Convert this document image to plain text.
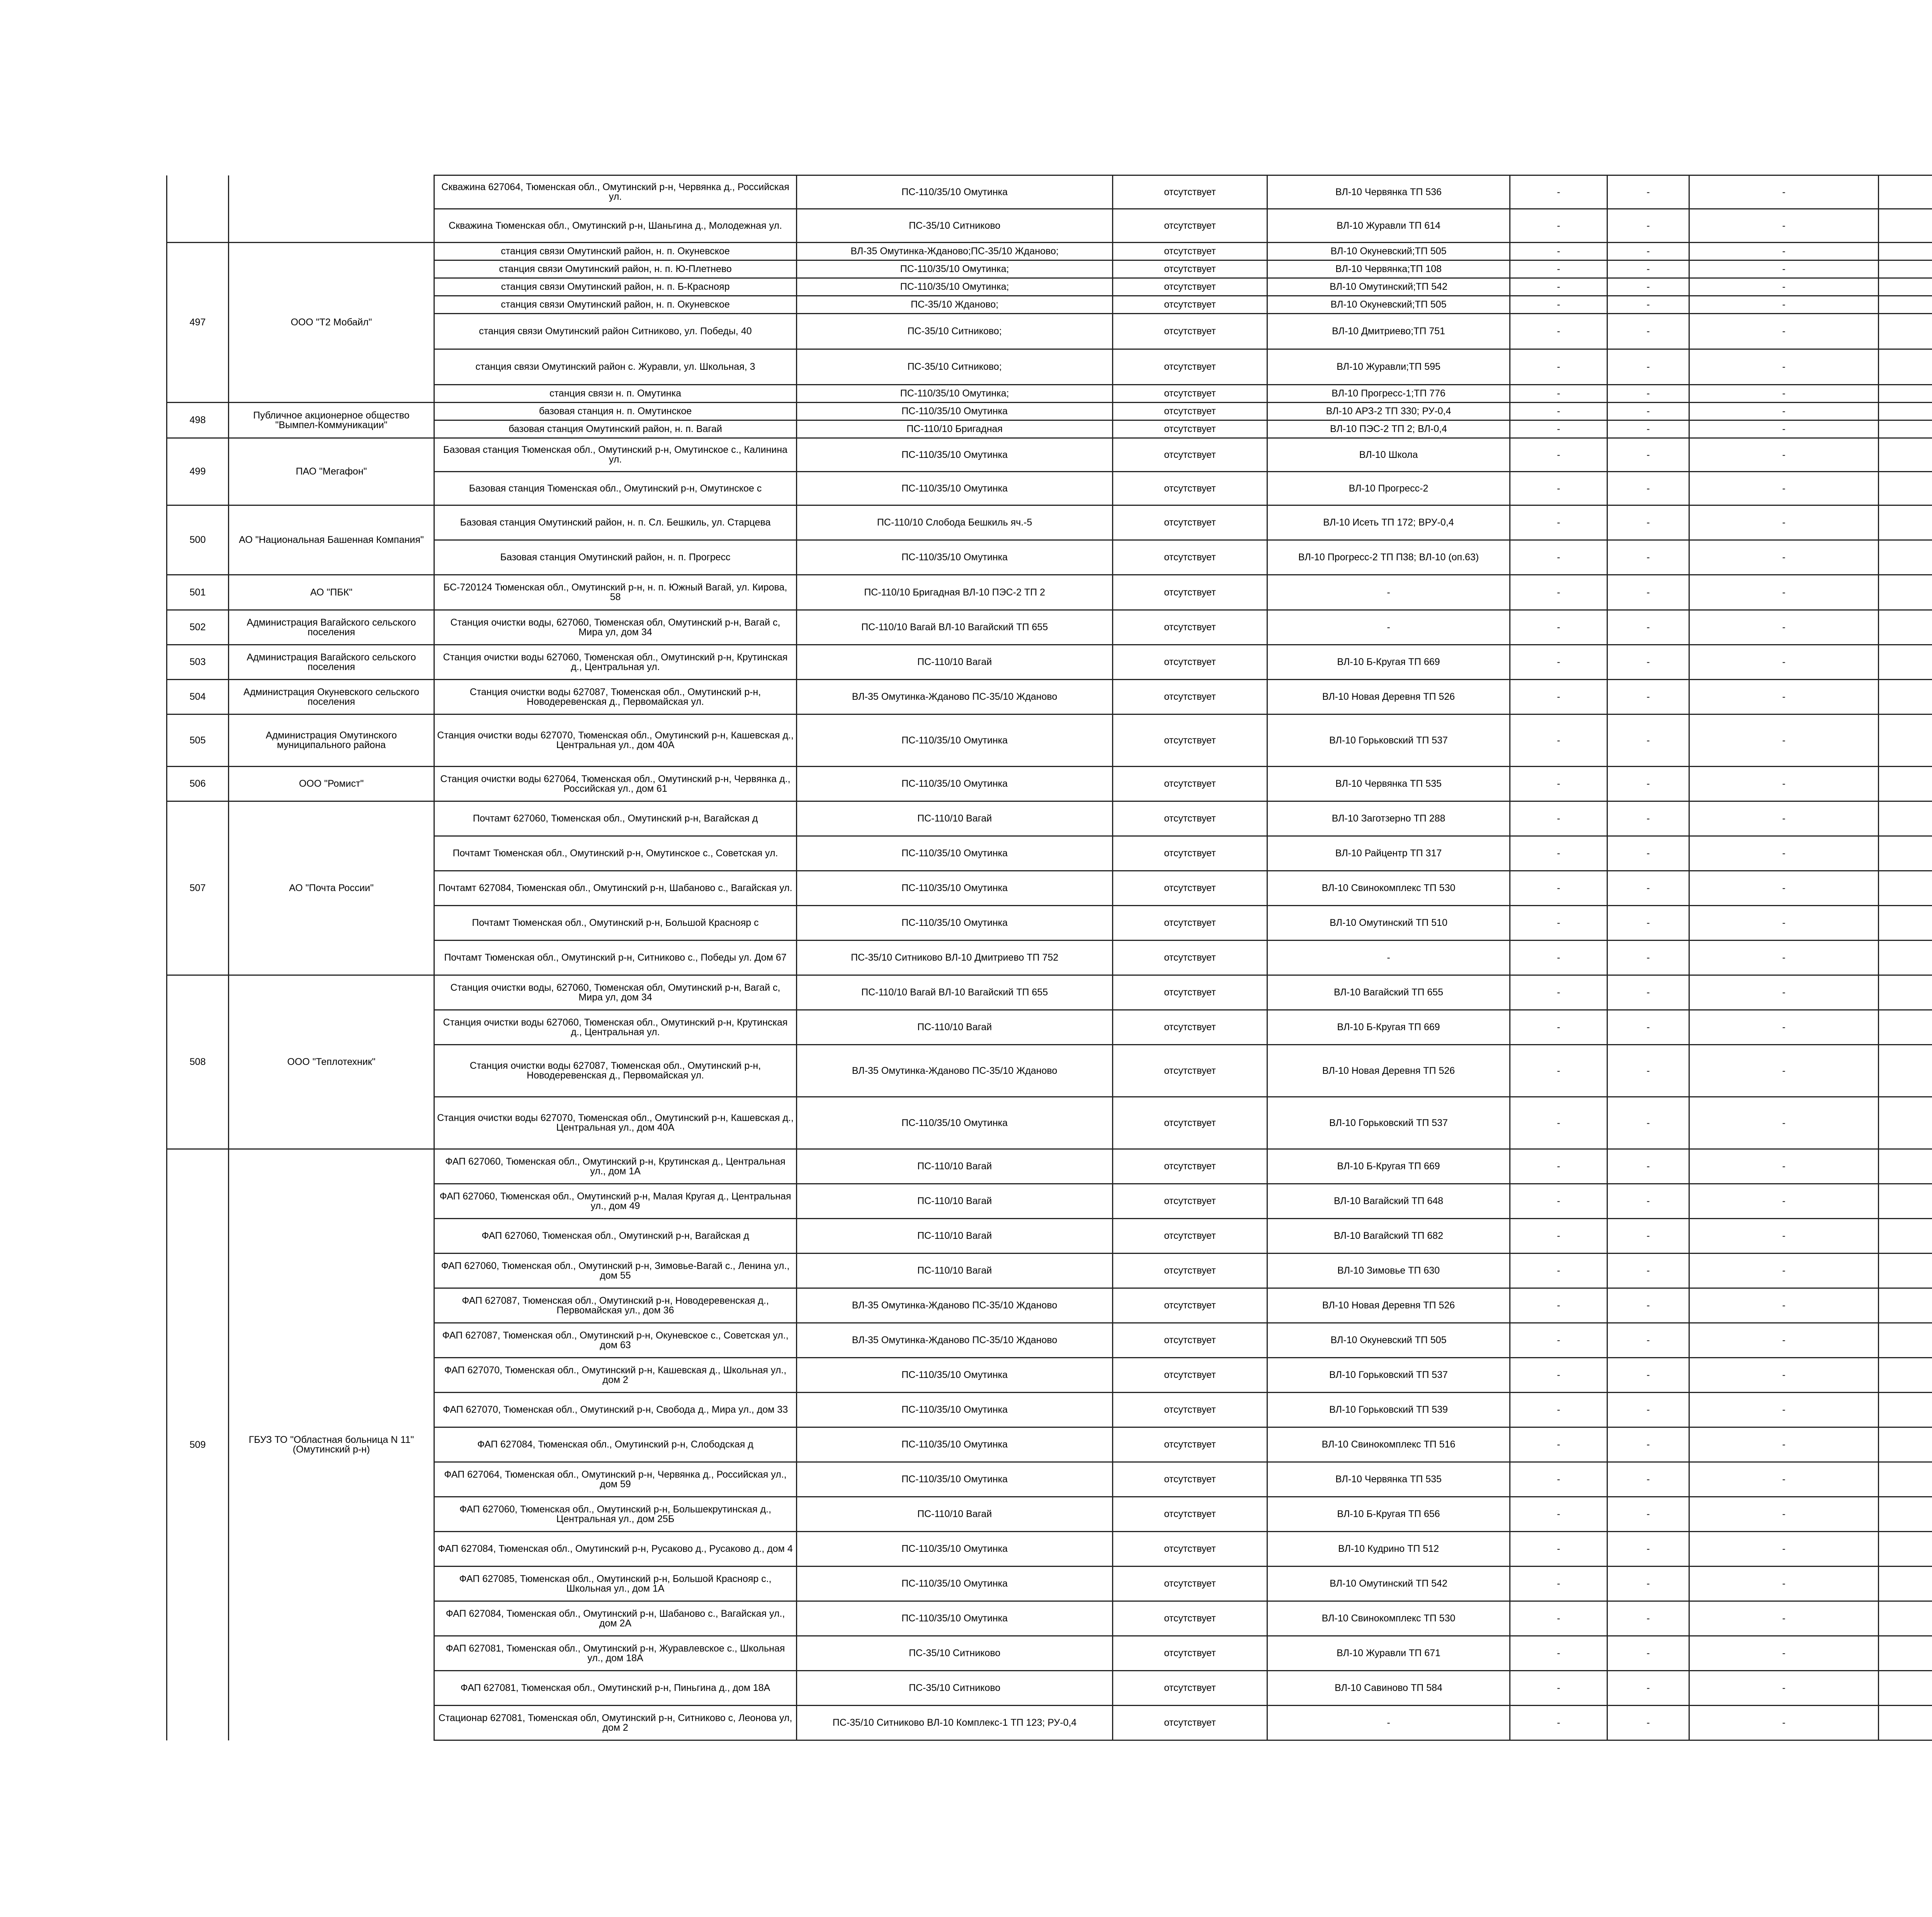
		Скважина 627064, Тюменская обл., Омутинский р-н, Червянка д., Российская ул.	ПС-110/35/10 Омутинка	отсутствует	ВЛ-10 Червянка ТП 536	-	-	-		
		Скважина Тюменская обл., Омутинский р-н, Шаньгина д., Молодежная ул.	ПС-35/10 Ситниково	отсутствует	ВЛ-10 Журавли ТП 614	-	-	-		
497	ООО "Т2 Мобайл"	станция связи Омутинский район, н. п. Окуневское	ВЛ-35 Омутинка-Жданово;ПС-35/10 Жданово;	отсутствует	ВЛ-10 Окуневский;ТП 505	-	-	-		
		станция связи Омутинский район, н. п. Ю-Плетнево	ПС-110/35/10 Омутинка;	отсутствует	ВЛ-10 Червянка;ТП 108	-	-	-		
		станция связи Омутинский район, н. п. Б-Краснояр	ПС-110/35/10 Омутинка;	отсутствует	ВЛ-10 Омутинский;ТП 542	-	-	-		
		станция связи Омутинский район, н. п. Окуневское	ПС-35/10 Жданово;	отсутствует	ВЛ-10 Окуневский;ТП 505	-	-	-		
		станция связи Омутинский район Ситниково, ул. Победы, 40	ПС-35/10 Ситниково;	отсутствует	ВЛ-10 Дмитриево;ТП 751	-	-	-		
		станция связи Омутинский район с. Журавли, ул. Школьная, 3	ПС-35/10 Ситниково;	отсутствует	ВЛ-10 Журавли;ТП 595	-	-	-		
		станция связи н. п. Омутинка	ПС-110/35/10 Омутинка;	отсутствует	ВЛ-10 Прогресс-1;ТП 776	-	-	-		
498	Публичное акционерное общество "Вымпел-Коммуникации"	базовая станция н. п. Омутинское	ПС-110/35/10 Омутинка	отсутствует	ВЛ-10 АРЗ-2 ТП 330; РУ-0,4	-	-	-		
		базовая станция Омутинский район, н. п. Вагай	ПС-110/10 Бригадная	отсутствует	ВЛ-10 ПЭС-2 ТП 2; ВЛ-0,4	-	-	-		
499	ПАО "Мегафон"	Базовая станция Тюменская обл., Омутинский р-н, Омутинское с., Калинина ул.	ПС-110/35/10 Омутинка	отсутствует	ВЛ-10 Школа	-	-	-		
		Базовая станция Тюменская обл., Омутинский р-н, Омутинское с	ПС-110/35/10 Омутинка	отсутствует	ВЛ-10 Прогресс-2	-	-	-		
500	АО "Национальная Башенная Компания"	Базовая станция Омутинский район, н. п. Сл. Бешкиль, ул. Старцева	ПС-110/10 Слобода Бешкиль яч.-5	отсутствует	ВЛ-10 Исеть ТП 172; ВРУ-0,4	-	-	-		
		Базовая станция Омутинский район, н. п. Прогресс	ПС-110/35/10 Омутинка	отсутствует	ВЛ-10 Прогресс-2 ТП П38; ВЛ-10 (оп.63)	-	-	-		
501	АО "ПБК"	БС-720124 Тюменская обл., Омутинский р-н, н. п. Южный Вагай, ул. Кирова, 58	ПС-110/10 Бригадная ВЛ-10 ПЭС-2 ТП 2	отсутствует	-	-	-	-		
502	Администрация Вагайского сельского поселения	Станция очистки воды, 627060, Тюменская обл, Омутинский р-н, Вагай с, Мира ул, дом 34	ПС-110/10 Вагай ВЛ-10 Вагайский ТП 655	отсутствует	-	-	-	-		
503	Администрация Вагайского сельского поселения	Станция очистки воды 627060, Тюменская обл., Омутинский р-н, Крутинская д., Центральная ул.	ПС-110/10 Вагай	отсутствует	ВЛ-10 Б-Кругая ТП 669	-	-	-		
504	Администрация Окуневского сельского поселения	Станция очистки воды 627087, Тюменская обл., Омутинский р-н, Новодеревенская д., Первомайская ул.	ВЛ-35 Омутинка-Жданово ПС-35/10 Жданово	отсутствует	ВЛ-10 Новая Деревня ТП 526	-	-	-		
505	Администрация Омутинского муниципального района	Станция очистки воды 627070, Тюменская обл., Омутинский р-н, Кашевская д., Центральная ул., дом 40А	ПС-110/35/10 Омутинка	отсутствует	ВЛ-10 Горьковский ТП 537	-	-	-		
506	ООО "Ромист"	Станция очистки воды 627064, Тюменская обл., Омутинский р-н, Червянка д., Российская ул., дом 61	ПС-110/35/10 Омутинка	отсутствует	ВЛ-10 Червянка ТП 535	-	-	-		
507	АО "Почта России"	Почтамт 627060, Тюменская обл., Омутинский р-н, Вагайская д	ПС-110/10 Вагай	отсутствует	ВЛ-10 Заготзерно ТП 288	-	-	-		
		Почтамт Тюменская обл., Омутинский р-н, Омутинское с., Советская ул.	ПС-110/35/10 Омутинка	отсутствует	ВЛ-10 Райцентр ТП 317	-	-	-		
		Почтамт 627084, Тюменская обл., Омутинский р-н, Шабаново с., Вагайская ул.	ПС-110/35/10 Омутинка	отсутствует	ВЛ-10 Свинокомплекс ТП 530	-	-	-		
		Почтамт Тюменская обл., Омутинский р-н, Большой Краснояр с	ПС-110/35/10 Омутинка	отсутствует	ВЛ-10 Омутинский ТП 510	-	-	-		
		Почтамт Тюменская обл., Омутинский р-н, Ситниково с., Победы ул. Дом 67	ПС-35/10 Ситниково ВЛ-10 Дмитриево ТП 752	отсутствует	-	-	-	-		
508	ООО "Теплотехник"	Станция очистки воды, 627060, Тюменская обл, Омутинский р-н, Вагай с, Мира ул, дом 34	ПС-110/10 Вагай ВЛ-10 Вагайский ТП 655	отсутствует	ВЛ-10 Вагайский ТП 655	-	-	-		
		Станция очистки воды 627060, Тюменская обл., Омутинский р-н, Крутинская д., Центральная ул.	ПС-110/10 Вагай	отсутствует	ВЛ-10 Б-Кругая ТП 669	-	-	-		
		Станция очистки воды 627087, Тюменская обл., Омутинский р-н, Новодеревенская д., Первомайская ул.	ВЛ-35 Омутинка-Жданово ПС-35/10 Жданово	отсутствует	ВЛ-10 Новая Деревня ТП 526	-	-	-		
		Станция очистки воды 627070, Тюменская обл., Омутинский р-н, Кашевская д., Центральная ул., дом 40А	ПС-110/35/10 Омутинка	отсутствует	ВЛ-10 Горьковский ТП 537	-	-	-		
509	ГБУЗ ТО "Областная больница N 11" (Омутинский р-н)	ФАП 627060, Тюменская обл., Омутинский р-н, Крутинская д., Центральная ул., дом 1А	ПС-110/10 Вагай	отсутствует	ВЛ-10 Б-Кругая ТП 669	-	-	-		
		ФАП 627060, Тюменская обл., Омутинский р-н, Малая Кругая д., Центральная ул., дом 49	ПС-110/10 Вагай	отсутствует	ВЛ-10 Вагайский ТП 648	-	-	-		
		ФАП 627060, Тюменская обл., Омутинский р-н, Вагайская д	ПС-110/10 Вагай	отсутствует	ВЛ-10 Вагайский ТП 682	-	-	-		
		ФАП 627060, Тюменская обл., Омутинский р-н, Зимовье-Вагай с., Ленина ул., дом 55	ПС-110/10 Вагай	отсутствует	ВЛ-10 Зимовье ТП 630	-	-	-		
		ФАП 627087, Тюменская обл., Омутинский р-н, Новодеревенская д., Первомайская ул., дом 36	ВЛ-35 Омутинка-Жданово ПС-35/10 Жданово	отсутствует	ВЛ-10 Новая Деревня ТП 526	-	-	-		
		ФАП 627087, Тюменская обл., Омутинский р-н, Окуневское с., Советская ул., дом 63	ВЛ-35 Омутинка-Жданово ПС-35/10 Жданово	отсутствует	ВЛ-10 Окуневский ТП 505	-	-	-		
		ФАП 627070, Тюменская обл., Омутинский р-н, Кашевская д., Школьная ул., дом 2	ПС-110/35/10 Омутинка	отсутствует	ВЛ-10 Горьковский ТП 537	-	-	-		
		ФАП 627070, Тюменская обл., Омутинский р-н, Свобода д., Мира ул., дом 33	ПС-110/35/10 Омутинка	отсутствует	ВЛ-10 Горьковский ТП 539	-	-	-		
		ФАП 627084, Тюменская обл., Омутинский р-н, Слободская д	ПС-110/35/10 Омутинка	отсутствует	ВЛ-10 Свинокомплекс ТП 516	-	-	-		
		ФАП 627064, Тюменская обл., Омутинский р-н, Червянка д., Российская ул., дом 59	ПС-110/35/10 Омутинка	отсутствует	ВЛ-10 Червянка ТП 535	-	-	-		
		ФАП 627060, Тюменская обл., Омутинский р-н, Большекрутинская д., Центральная ул., дом 25Б	ПС-110/10 Вагай	отсутствует	ВЛ-10 Б-Кругая ТП 656	-	-	-		
		ФАП 627084, Тюменская обл., Омутинский р-н, Русаково д., Русаково д., дом 4	ПС-110/35/10 Омутинка	отсутствует	ВЛ-10 Кудрино ТП 512	-	-	-		
		ФАП 627085, Тюменская обл., Омутинский р-н, Большой Краснояр с., Школьная ул., дом 1А	ПС-110/35/10 Омутинка	отсутствует	ВЛ-10 Омутинский ТП 542	-	-	-		
		ФАП 627084, Тюменская обл., Омутинский р-н, Шабаново с., Вагайская ул., дом 2А	ПС-110/35/10 Омутинка	отсутствует	ВЛ-10 Свинокомплекс ТП 530	-	-	-		
		ФАП 627081, Тюменская обл., Омутинский р-н, Журавлевское с., Школьная ул., дом 18А	ПС-35/10 Ситниково	отсутствует	ВЛ-10 Журавли ТП 671	-	-	-		
		ФАП 627081, Тюменская обл., Омутинский р-н, Пиньгина д., дом 18А	ПС-35/10 Ситниково	отсутствует	ВЛ-10 Савиново ТП 584	-	-	-		
		Стационар 627081, Тюменская обл, Омутинский р-н, Ситниково с, Леонова ул, дом 2	ПС-35/10 Ситниково ВЛ-10 Комплекс-1 ТП 123; РУ-0,4	отсутствует	-	-	-	-		
